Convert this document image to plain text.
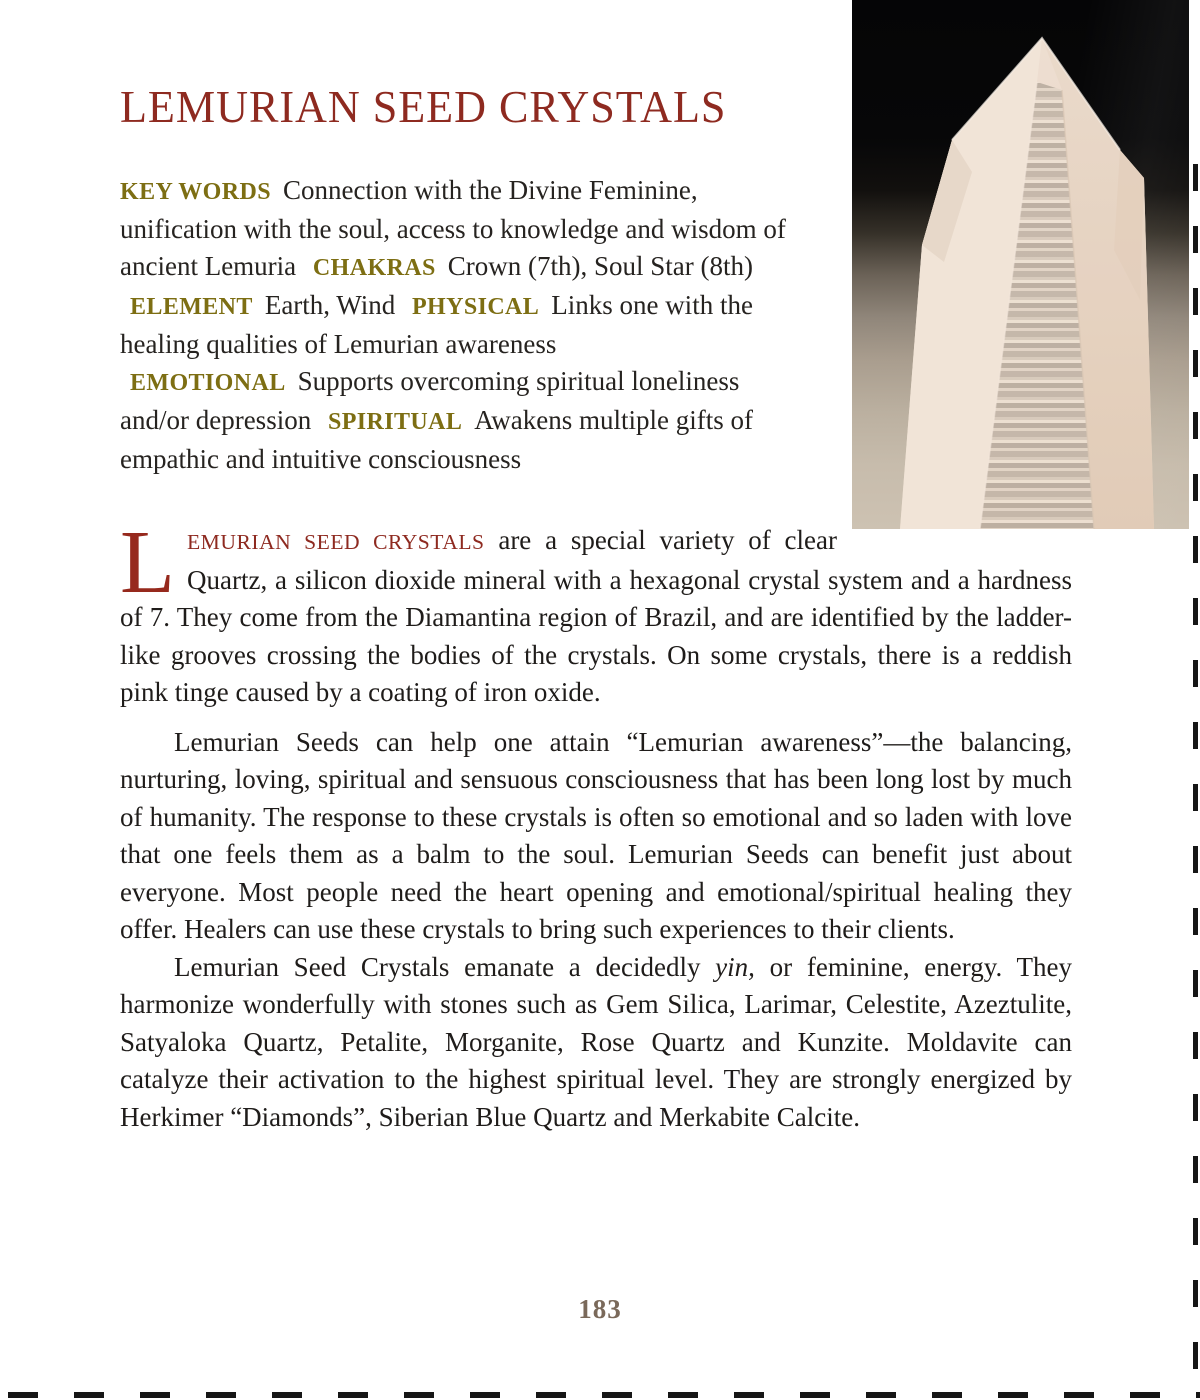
LEMURIAN SEED CRYSTALS

KEY WORDS Connection with the Divine Feminine, unification with the soul, access to knowledge and wisdom of ancient Lemuria CHAKRAS Crown (7th), Soul Star (8th) ELEMENT Earth, Wind PHYSICAL Links one with the healing qualities of Lemurian awareness EMOTIONAL Supports overcoming spiritual loneliness and/or depression SPIRITUAL Awakens multiple gifts of empathic and intuitive consciousness

LEMURIAN SEED CRYSTALS are a special variety of clear Quartz, a silicon dioxide mineral with a hexagonal crystal system and a hardness of 7. They come from the Diamantina region of Brazil, and are identified by the ladder-like grooves crossing the bodies of the crystals. On some crystals, there is a reddish pink tinge caused by a coating of iron oxide.

Lemurian Seeds can help one attain “Lemurian awareness”—the balancing, nurturing, loving, spiritual and sensuous consciousness that has been long lost by much of humanity. The response to these crystals is often so emotional and so laden with love that one feels them as a balm to the soul. Lemurian Seeds can benefit just about everyone. Most people need the heart opening and emotional/spiritual healing they offer. Healers can use these crystals to bring such experiences to their clients.

Lemurian Seed Crystals emanate a decidedly yin, or feminine, energy. They harmonize wonderfully with stones such as Gem Silica, Larimar, Celestite, Azeztulite, Satyaloka Quartz, Petalite, Morganite, Rose Quartz and Kunzite. Moldavite can catalyze their activation to the highest spiritual level. They are strongly energized by Herkimer “Diamonds”, Siberian Blue Quartz and Merkabite Calcite.

183
